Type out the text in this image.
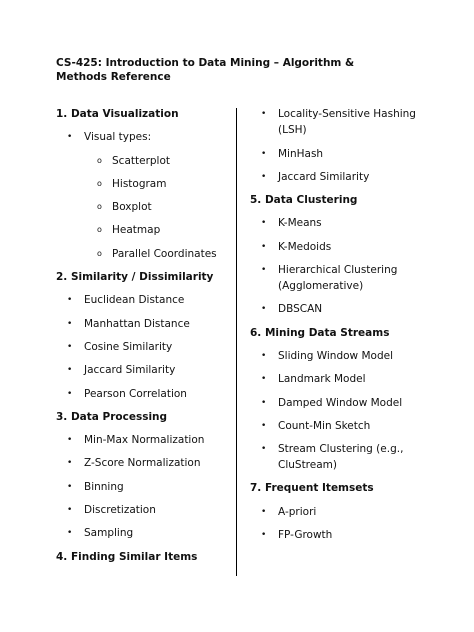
CS-425: Introduction to Data Mining – Algorithm & Methods Reference
1. Data Visualization
• Visual types:
o Scatterplot
o Histogram
o Boxplot
o Heatmap
o Parallel Coordinates
2. Similarity / Dissimilarity
• Euclidean Distance
• Manhattan Distance
• Cosine Similarity
• Jaccard Similarity
• Pearson Correlation
3. Data Processing
• Min-Max Normalization
• Z-Score Normalization
• Binning
• Discretization
• Sampling
4. Finding Similar Items
• Locality-Sensitive Hashing (LSH)
• MinHash
• Jaccard Similarity
5. Data Clustering
• K-Means
• K-Medoids
• Hierarchical Clustering (Agglomerative)
• DBSCAN
6. Mining Data Streams
• Sliding Window Model
• Landmark Model
• Damped Window Model
• Count-Min Sketch
• Stream Clustering (e.g., CluStream)
7. Frequent Itemsets
• A-priori
• FP-Growth
